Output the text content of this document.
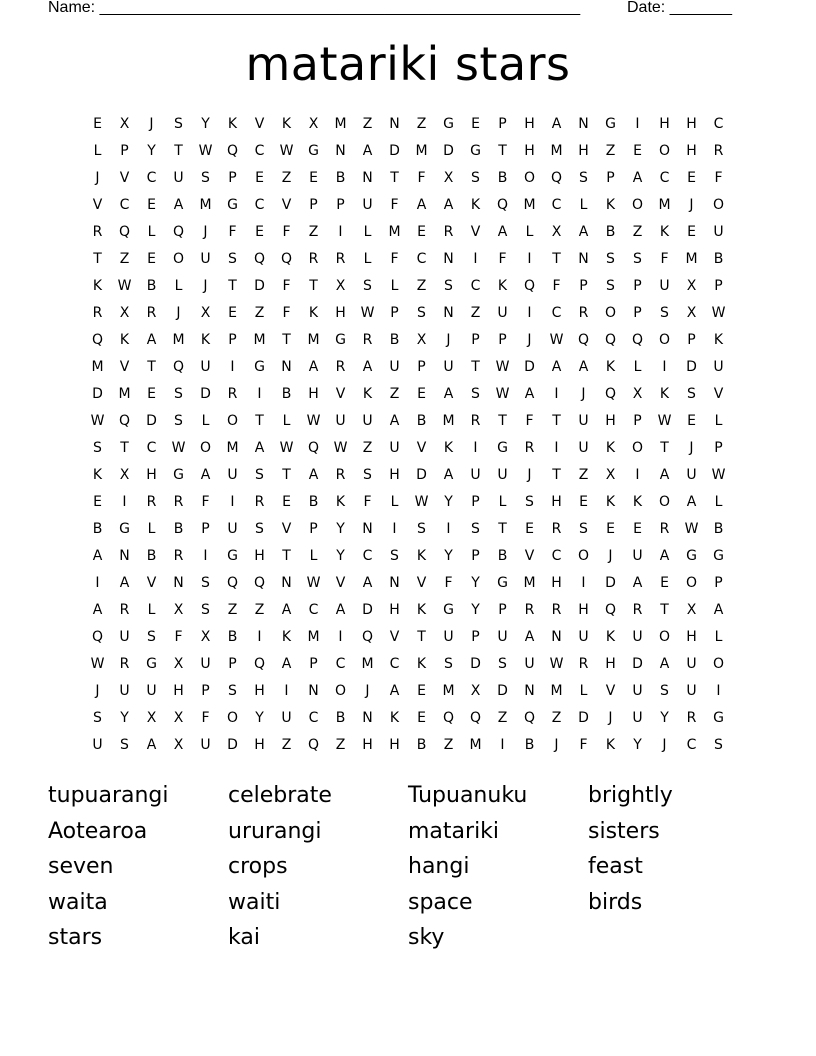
Name: ______________________________________________________	Date: _______
matariki stars
E	X	J	S	Y	K	V	K	X	M	Z	N	Z	G	E	P	H	A	N	G	I	H	H	C
L	P	Y	T	W	Q	C	W	G	N	A	D	M	D	G	T	H	M	H	Z	E	O	H	R
J	V	C	U	S	P	E	Z	E	B	N	T	F	X	S	B	O	Q	S	P	A	C	E	F
V	C	E	A	M	G	C	V	P	P	U	F	A	A	K	Q	M	C	L	K	O	M	J	O
R	Q	L	Q	J	F	E	F	Z	I	L	M	E	R	V	A	L	X	A	B	Z	K	E	U
T	Z	E	O	U	S	Q	Q	R	R	L	F	C	N	I	F	I	T	N	S	S	F	M	B
K	W	B	L	J	T	D	F	T	X	S	L	Z	S	C	K	Q	F	P	S	P	U	X	P
R	X	R	J	X	E	Z	F	K	H	W	P	S	N	Z	U	I	C	R	O	P	S	X	W
Q	K	A	M	K	P	M	T	M	G	R	B	X	J	P	P	J	W	Q	Q	Q	O	P	K
M	V	T	Q	U	I	G	N	A	R	A	U	P	U	T	W	D	A	A	K	L	I	D	U
D	M	E	S	D	R	I	B	H	V	K	Z	E	A	S	W	A	I	J	Q	X	K	S	V
W	Q	D	S	L	O	T	L	W	U	U	A	B	M	R	T	F	T	U	H	P	W	E	L
S	T	C	W	O	M	A	W	Q	W	Z	U	V	K	I	G	R	I	U	K	O	T	J	P
K	X	H	G	A	U	S	T	A	R	S	H	D	A	U	U	J	T	Z	X	I	A	U	W
E	I	R	R	F	I	R	E	B	K	F	L	W	Y	P	L	S	H	E	K	K	O	A	L
B	G	L	B	P	U	S	V	P	Y	N	I	S	I	S	T	E	R	S	E	E	R	W	B
A	N	B	R	I	G	H	T	L	Y	C	S	K	Y	P	B	V	C	O	J	U	A	G	G
I	A	V	N	S	Q	Q	N	W	V	A	N	V	F	Y	G	M	H	I	D	A	E	O	P
A	R	L	X	S	Z	Z	A	C	A	D	H	K	G	Y	P	R	R	H	Q	R	T	X	A
Q	U	S	F	X	B	I	K	M	I	Q	V	T	U	P	U	A	N	U	K	U	O	H	L
W	R	G	X	U	P	Q	A	P	C	M	C	K	S	D	S	U	W	R	H	D	A	U	O
J	U	U	H	P	S	H	I	N	O	J	A	E	M	X	D	N	M	L	V	U	S	U	I
S	Y	X	X	F	O	Y	U	C	B	N	K	E	Q	Q	Z	Q	Z	D	J	U	Y	R	G
U	S	A	X	U	D	H	Z	Q	Z	H	H	B	Z	M	I	B	J	F	K	Y	J	C	S
tupuarangi
Aotearoa
seven
waita
stars
celebrate
ururangi
crops
waiti
kai
Tupuanuku
matariki
hangi
space
sky
brightly
sisters
feast
birds
